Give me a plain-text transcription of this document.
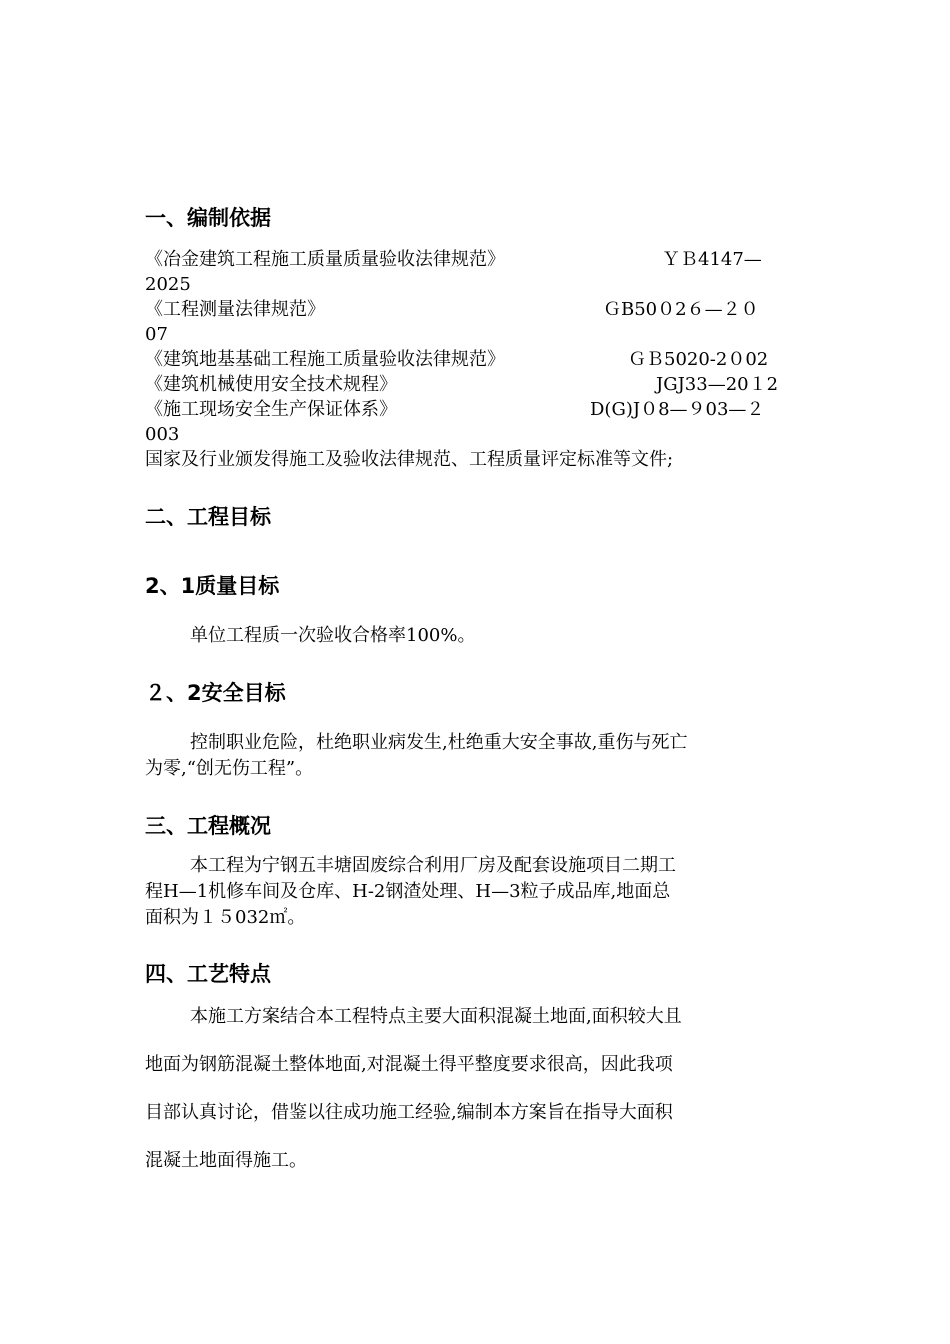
一、编制依据
《冶金建筑工程施工质量质量验收法律规范》	ＹＢ4147—
2025
《工程测量法律规范》	ＧB50０2６—２０
07
《建筑地基基础工程施工质量验收法律规范》	ＧＢ5020-2０02
《建筑机械使用安全技术规程》	JGJ33—20１2
《施工现场安全生产保证体系》	D(G)J０8—９03—２
003
国家及行业颁发得施工及验收法律规范、工程质量评定标准等文件;
二、工程目标
2、1质量目标
单位工程质一次验收合格率100%。
２、2安全目标
控制职业危险，杜绝职业病发生,杜绝重大安全事故,重伤与死亡
为零,“创无伤工程”。
三、工程概况
本工程为宁钢五丰塘固废综合利用厂房及配套设施项目二期工
程H—1机修车间及仓库、H-2钢渣处理、H—3粒子成品库,地面总
面积为１５032㎡。
四、工艺特点
本施工方案结合本工程特点主要大面积混凝土地面,面积较大且
地面为钢筋混凝土整体地面,对混凝土得平整度要求很高，因此我项
目部认真讨论，借鉴以往成功施工经验,编制本方案旨在指导大面积
混凝土地面得施工。
